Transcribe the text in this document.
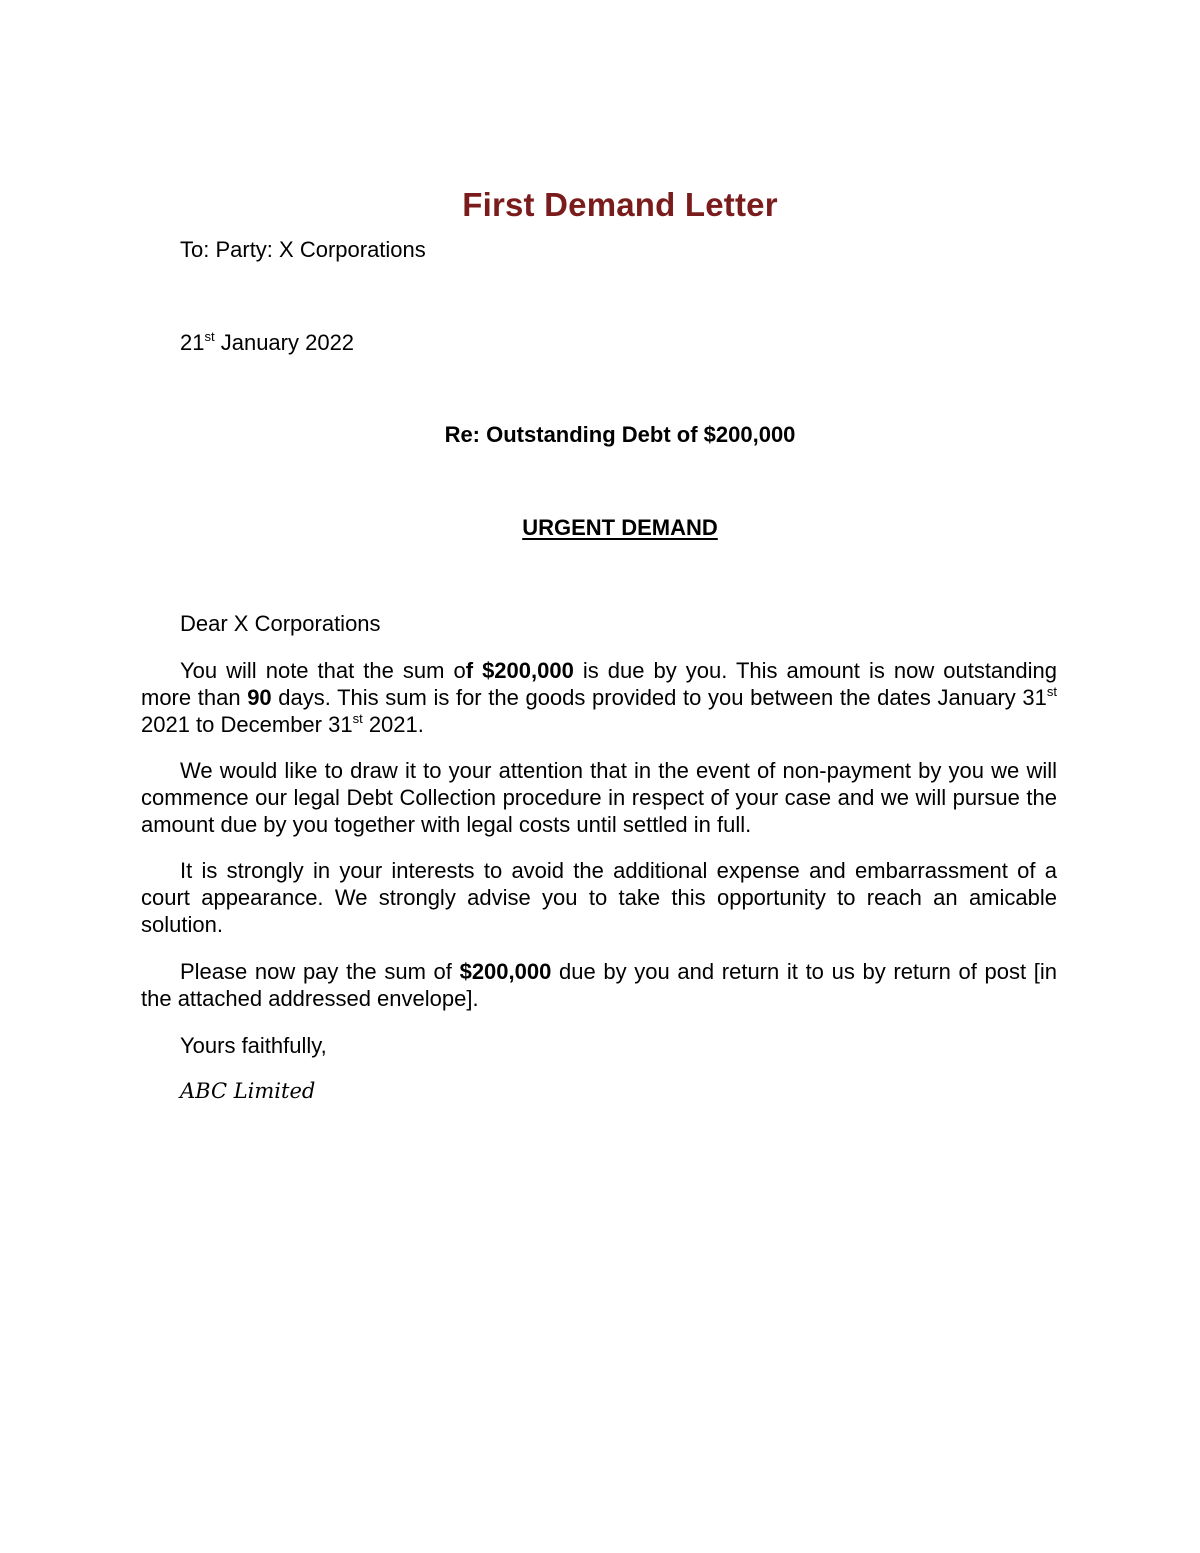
First Demand Letter
To: Party: X Corporations
21st January 2022
Re: Outstanding Debt of $200,000
URGENT DEMAND
Dear X Corporations

You will note that the sum of $200,000 is due by you. This amount is now outstanding more than 90 days. This sum is for the goods provided to you between the dates January 31st 2021 to December 31st 2021.

We would like to draw it to your attention that in the event of non-payment by you we will commence our legal Debt Collection procedure in respect of your case and we will pursue the amount due by you together with legal costs until settled in full.

It is strongly in your interests to avoid the additional expense and embarrassment of a court appearance. We strongly advise you to take this opportunity to reach an amicable solution.

Please now pay the sum of $200,000 due by you and return it to us by return of post [in the attached addressed envelope].

Yours faithfully,
ABC Limited
